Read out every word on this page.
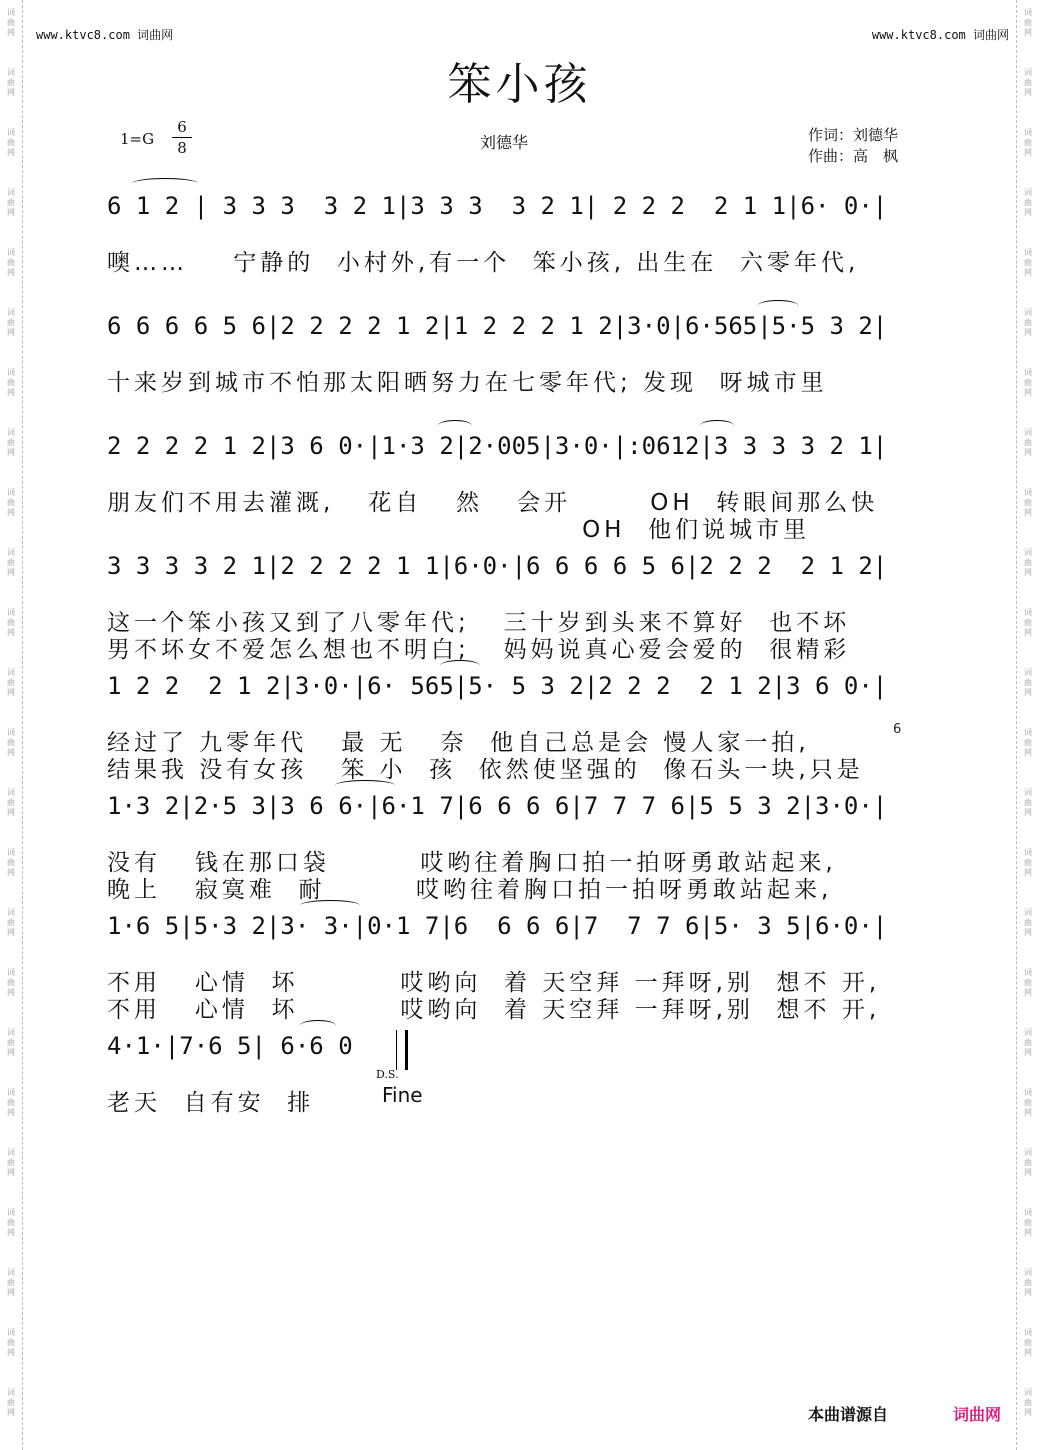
词
曲
网
词
曲
网
词
曲
网
词
曲
网
词
曲
网
词
曲
网
词
曲
网
词
曲
网
词
曲
网
词
曲
网
词
曲
网
词
曲
网
词
曲
网
词
曲
网
词
曲
网
词
曲
网
词
曲
网
词
曲
网
词
曲
网
词
曲
网
词
曲
网
词
曲
网
词
曲
网
词
曲
网
词
曲
网
词
曲
网
词
曲
网
词
曲
网
词
曲
网
词
曲
网
词
曲
网
词
曲
网
词
曲
网
词
曲
网
词
曲
网
词
曲
网
词
曲
网
词
曲
网
词
曲
网
词
曲
网
词
曲
网
词
曲
网
词
曲
网
词
曲
网
词
曲
网
词
曲
网
词
曲
网
词
曲
网
www.ktvc8.com 词曲网	www.ktvc8.com 词曲网
笨小孩
$1=G \frac{6}{8}$	刘德华	作词：刘德华
作曲：高　枫
6 1 2 | 3 3 3  3 2 1|3 3 3  3 2 1| 2 2 2  2 1 1|6· 0·|
噢……    宁静的  小村外,有一个  笨小孩, 出生在  六零年代,
6 6 6 6 5 6|2 2 2 2 1 2|1 2 2 2 1 2|3·0|6·565|5·5 3 2|
十来岁到城市不怕那太阳晒努力在七零年代; 发现  呀城市里
2 2 2 2 1 2|3 6 0·|1·3 2|2·005|3·0·|:0612|3 3 3 3 2 1|
朋友们不用去灌溉,   花自   然   会开       OH  转眼间那么快
OH  他们说城市里
3 3 3 3 2 1|2 2 2 2 1 1|6·0·|6 6 6 6 5 6|2 2 2  2 1 2|
这一个笨小孩又到了八零年代;   三十岁到头来不算好  也不坏
男不坏女不爱怎么想也不明白;   妈妈说真心爱会爱的  很精彩
1 2 2  2 1 2|3·0·|6· 565|5· 5 3 2|2 2 2  2 1 2|3 6 0·|
经过了 九零年代   最 无   奈  他自己总是会 慢人家一拍,
结果我 没有女孩   笨 小  孩  依然使坚强的  像石头一块,只是
6
1·3 2|2·5 3|3 6 6·|6·1 7|6 6 6 6|7 7 7 6|5 5 3 2|3·0·|
没有   钱在那口袋        哎哟往着胸口拍一拍呀勇敢站起来,
晚上   寂寞难  耐        哎哟往着胸口拍一拍呀勇敢站起来,
1·6 5|5·3 2|3· 3·|0·1 7|6  6 6 6|7  7 7 6|5· 3 5|6·0·|
不用   心情  坏         哎哟向  着 天空拜 一拜呀,别  想不 开,
不用   心情  坏         哎哟向  着 天空拜 一拜呀,别  想不 开,
4·1·|7·6 5| 6·6 0
老天  自有安  排
D.S.
Fine
本曲谱源自	词曲网
